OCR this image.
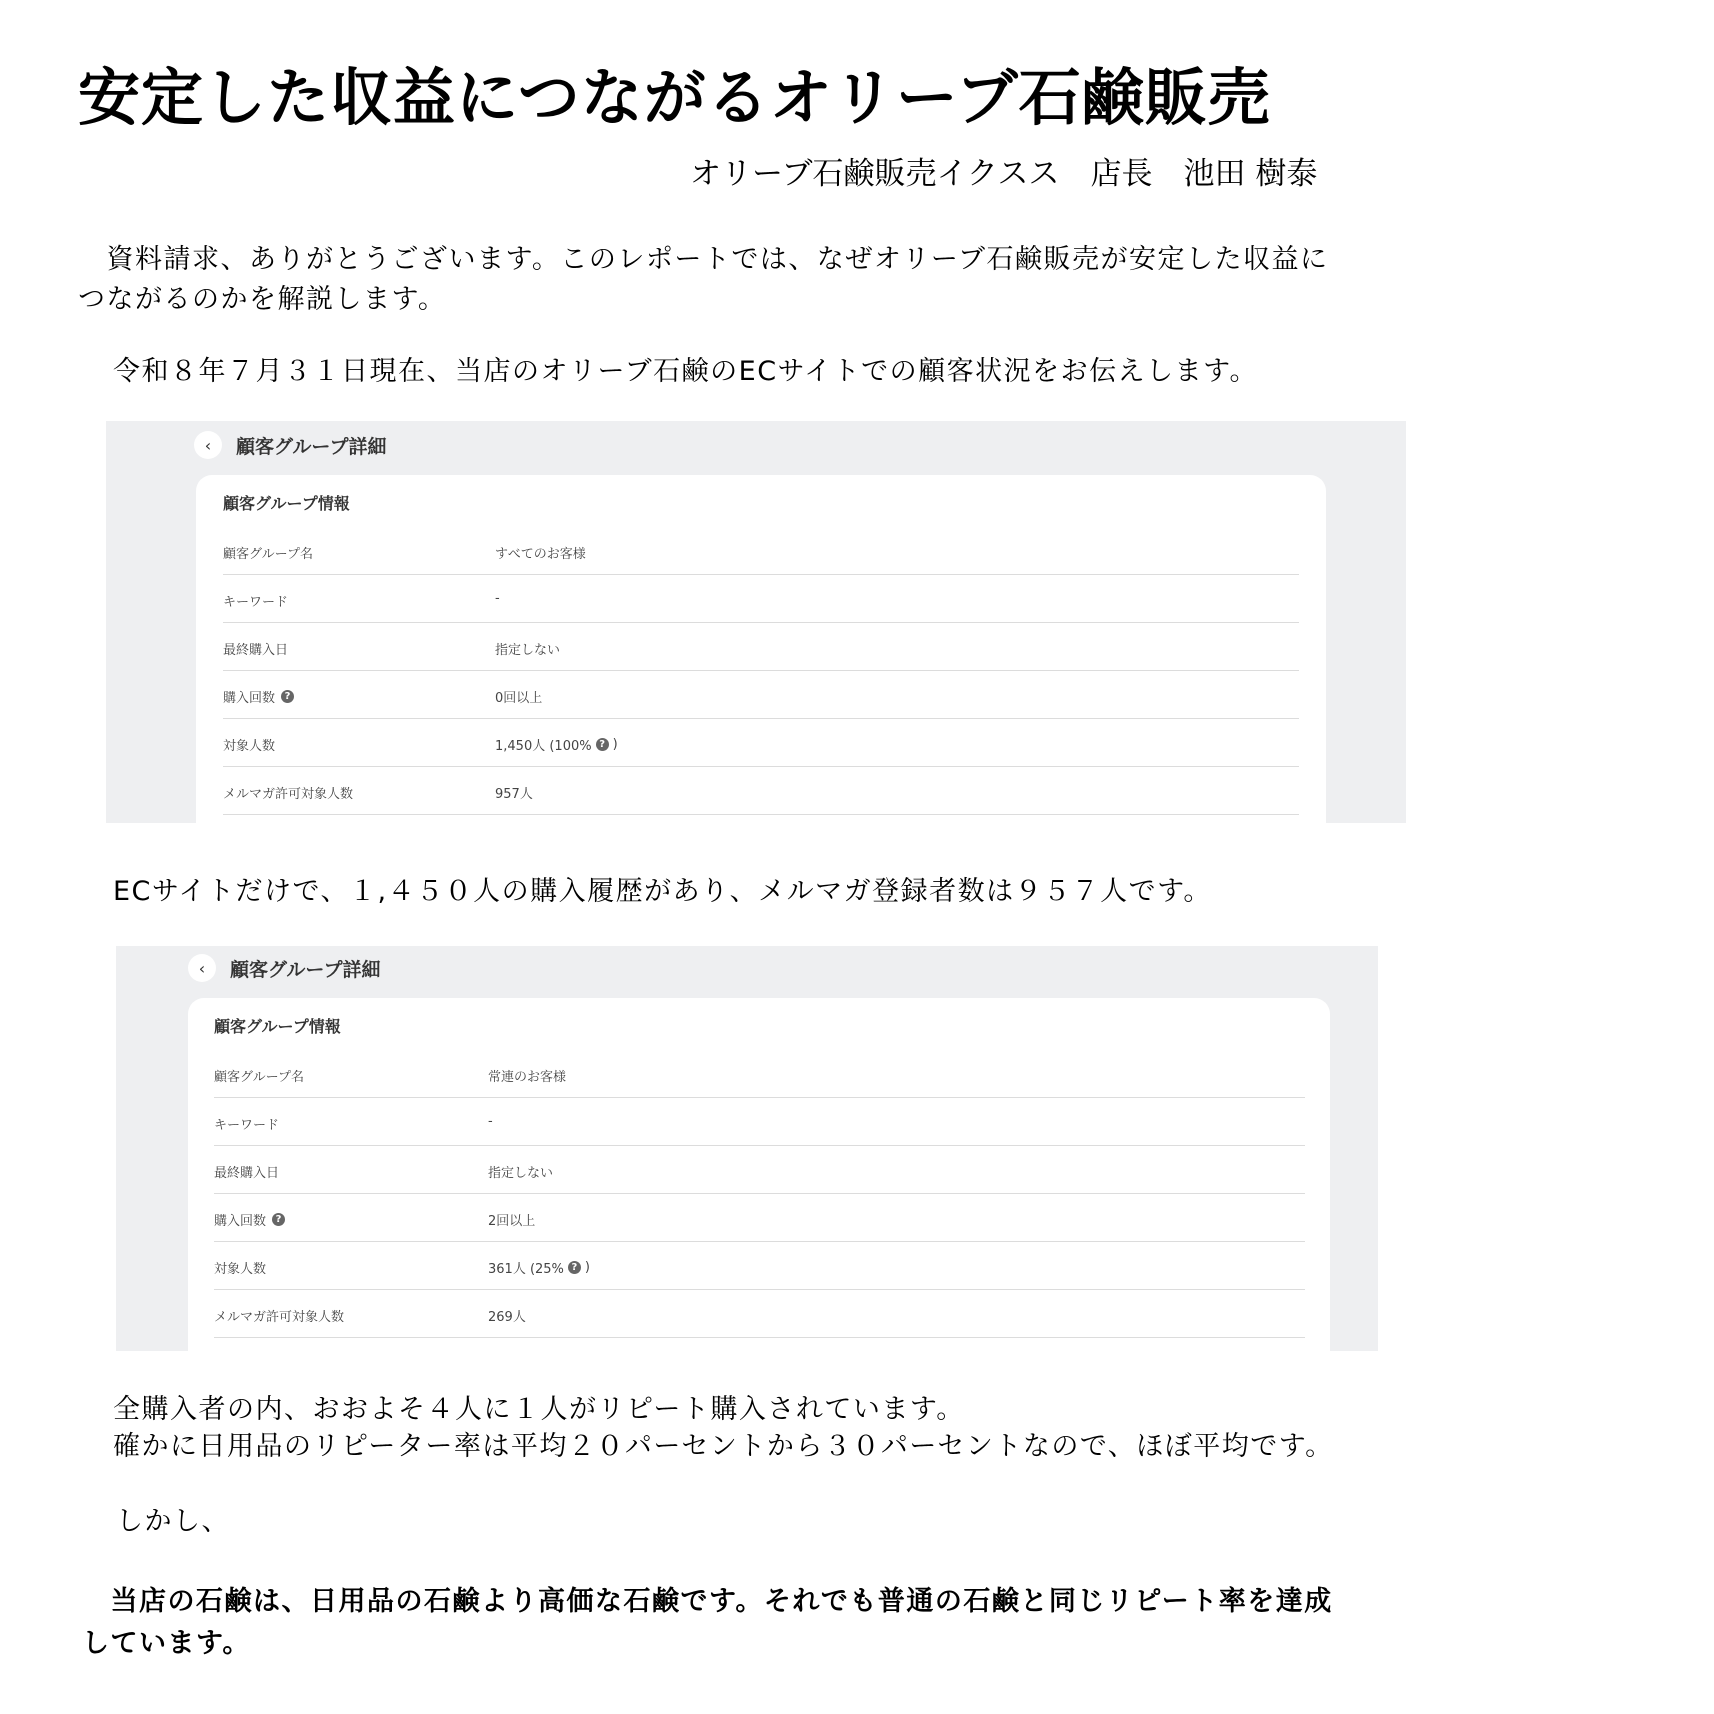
安定した収益につながるオリーブ石鹸販売
オリーブ石鹸販売イクスス　店長　池田 樹泰
　資料請求、ありがとうございます。このレポートでは、なぜオリーブ石鹸販売が安定した収益に
つながるのかを解説します。
令和８年７月３１日現在、当店のオリーブ石鹸のECサイトでの顧客状況をお伝えします。
‹	顧客グループ詳細
顧客グループ情報
顧客グループ名	すべてのお客様
キーワード	-
最終購入日	指定しない
購入回数 ?	0回以上
対象人数	1,450人 (100% ? )
メルマガ許可対象人数	957人
ECサイトだけで、１,４５０人の購入履歴があり、メルマガ登録者数は９５７人です。
‹	顧客グループ詳細
顧客グループ情報
顧客グループ名	常連のお客様
キーワード	-
最終購入日	指定しない
購入回数 ?	2回以上
対象人数	361人 (25% ? )
メルマガ許可対象人数	269人
全購入者の内、おおよそ４人に１人がリピート購入されています。
確かに日用品のリピーター率は平均２０パーセントから３０パーセントなので、ほぼ平均です。
しかし、
　当店の石鹸は、日用品の石鹸より高価な石鹸です。それでも普通の石鹸と同じリピート率を達成
しています。
